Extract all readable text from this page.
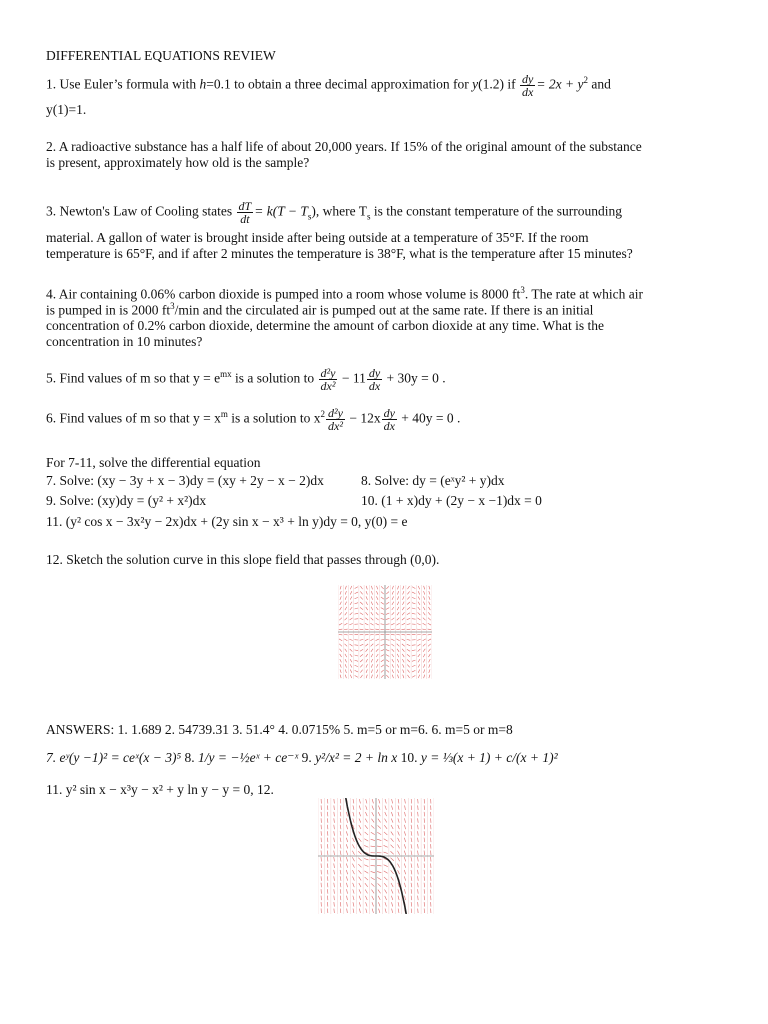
DIFFERENTIAL EQUATIONS REVIEW
1. Use Euler’s formula with h=0.1 to obtain a three decimal approximation for y(1.2) if $\frac{dy}{dx} = 2x + y^2$ and
y(1)=1.
2. A radioactive substance has a half life of about 20,000 years. If 15% of the original amount of the substance
is present, approximately how old is the sample?
3. Newton's Law of Cooling states $\frac{dT}{dt} = k(T - T_s)$, where $T_s$ is the constant temperature of the surrounding
material. A gallon of water is brought inside after being outside at a temperature of 35°F. If the room
temperature is 65°F, and if after 2 minutes the temperature is 38°F, what is the temperature after 15 minutes?
4. Air containing 0.06% carbon dioxide is pumped into a room whose volume is 8000 $ft^3$. The rate at which air
is pumped in is 2000 $ft^3/\min$ and the circulated air is pumped out at the same rate. If there is an initial
concentration of 0.2% carbon dioxide, determine the amount of carbon dioxide at any time. What is the
concentration in 10 minutes?
5. Find values of m so that $y = e^{mx}$ is a solution to $\frac{\text{d²y}}{\text{dx²}} - 11 \frac{dy}{dx} + 30y = 0$ .
6. Find values of m so that $y = x^m$ is a solution to $x^2 \frac{\text{d²y}}{\text{dx²}} - 12x \frac{dy}{dx} + 40y = 0$ .
For 7-11, solve the differential equation
7. Solve: (xy − 3y + x − 3)dy = (xy + 2y − x − 2)dx	8. Solve: dy = (eˣy² + y)dx
9. Solve: (xy)dy = (y² + x²)dx	10. (1 + x)dy + (2y − x −1)dx = 0
11. (y² cos x − 3x²y − 2x)dx + (2y sin x − x³ + ln y)dy = 0, y(0) = e
12. Sketch the solution curve in this slope field that passes through (0,0).
ANSWERS: 1. 1.689 2. 54739.31 3. 51.4° 4. 0.0715% 5. m=5 or m=6. 6. m=5 or m=8
7. eʸ(y −1)² = ceˣ(x − 3)⁵ 8. 1/y = −½eˣ + ce⁻ˣ 9. y²/x² = 2 + ln x 10. y = ⅓(x + 1) + c/(x + 1)²
11. y² sin x − x³y − x² + y ln y − y = 0, 12.
